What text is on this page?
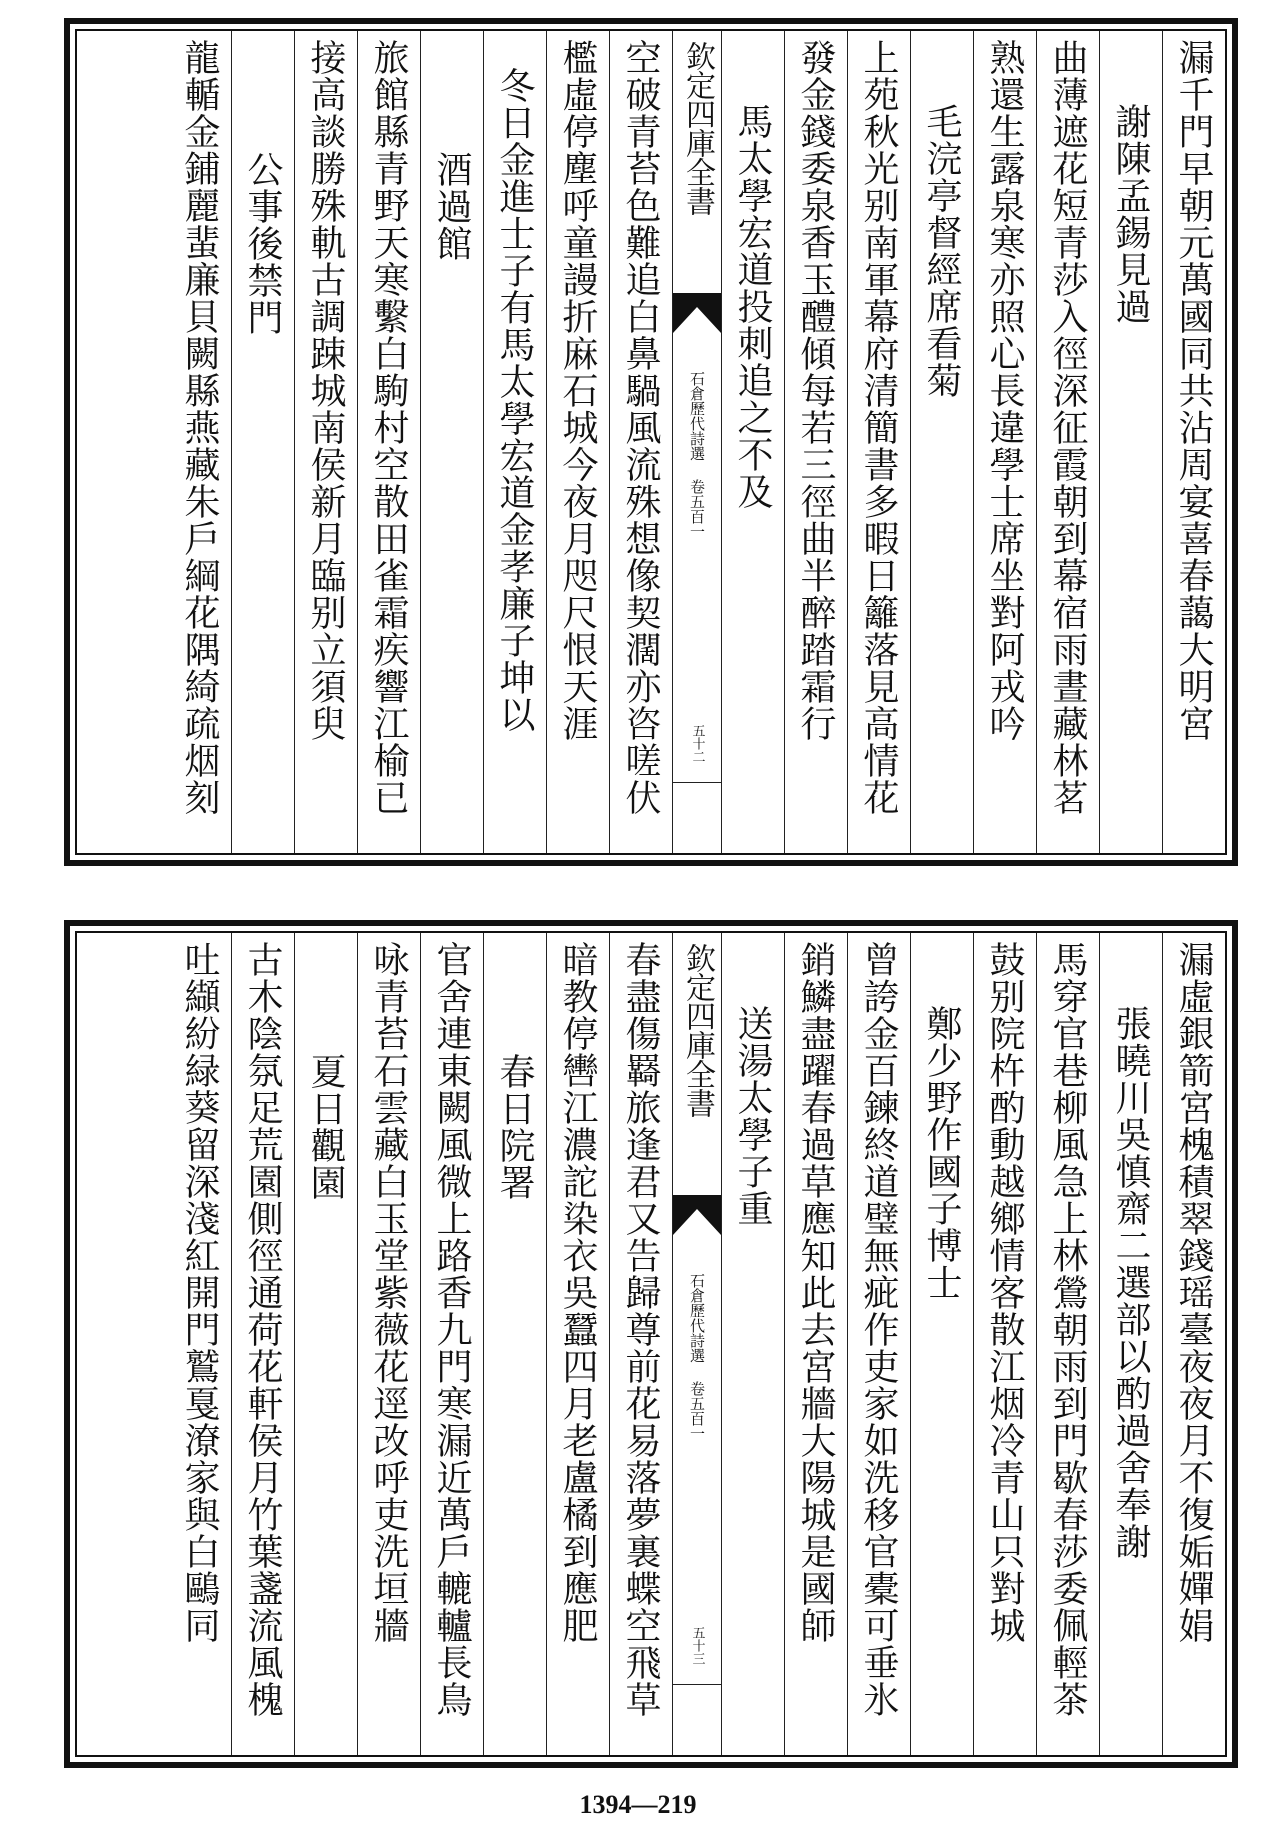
漏千門早朝元萬國同共沾周宴喜春藹大明宮
謝陳孟錫見過
曲薄遮花短青莎入徑深征霞朝到幕宿雨晝藏林茗
熟還生露泉寒亦照心長違學士席坐對阿戎吟
毛浣亭督經席看菊
上苑秋光别南軍幕府清簡書多暇日籬落見高情花
發金錢委泉香玉醴傾每若三徑曲半醉踏霜行
馬太學宏道投刺追之不及
欽定四庫全書
石倉歷代詩選 卷五百一
五十二
空破青苔色難追白鼻騧風流殊想像契濶亦咨嗟伏
檻虛停塵呼童謾折麻石城今夜月咫尺恨天涯
冬日金進士子有馬太學宏道金孝廉子坤以
酒過館
旅館縣青野天寒繫白駒村空散田雀霜疾響江榆已
接高談勝殊軌古調踈城南侯新月臨别立須臾
公事後禁門
龍輴金鋪麗蜚廉貝闕縣燕藏朱戶綱花隅綺疏烟刻
漏虛銀箭宮槐積翠錢瑶臺夜夜月不復姤嬋娟
張曉川吳慎齋二選部以酌過舍奉謝
馬穿官巷柳風急上林鶯朝雨到門歇春莎委佩輕茶
鼓别院杵酌動越鄉情客散江烟冷青山只對城
鄭少野作國子博士
曾誇金百鍊終道璧無疵作吏家如洗移官橐可垂氷
銷鱗盡躍春過草應知此去宮牆大陽城是國師
送湯太學子重
欽定四庫全書
石倉歷代詩選 卷五百一
五十三
春盡傷羇旅逢君又告歸尊前花易落夢裏蝶空飛草
暗教停轡江濃詑染衣吳蠶四月老盧橘到應肥
春日院署
官舍連東闕風微上路香九門寒漏近萬戶轆轤長鳥
咏青苔石雲藏白玉堂紫薇花逕改呼吏洗垣牆
夏日觀園
古木陰氛足荒園側徑通荷花軒侯月竹葉盞流風槐
吐纈紛緑葵留深淺紅開門鷲戛潦家與白鷗同
1394—219
